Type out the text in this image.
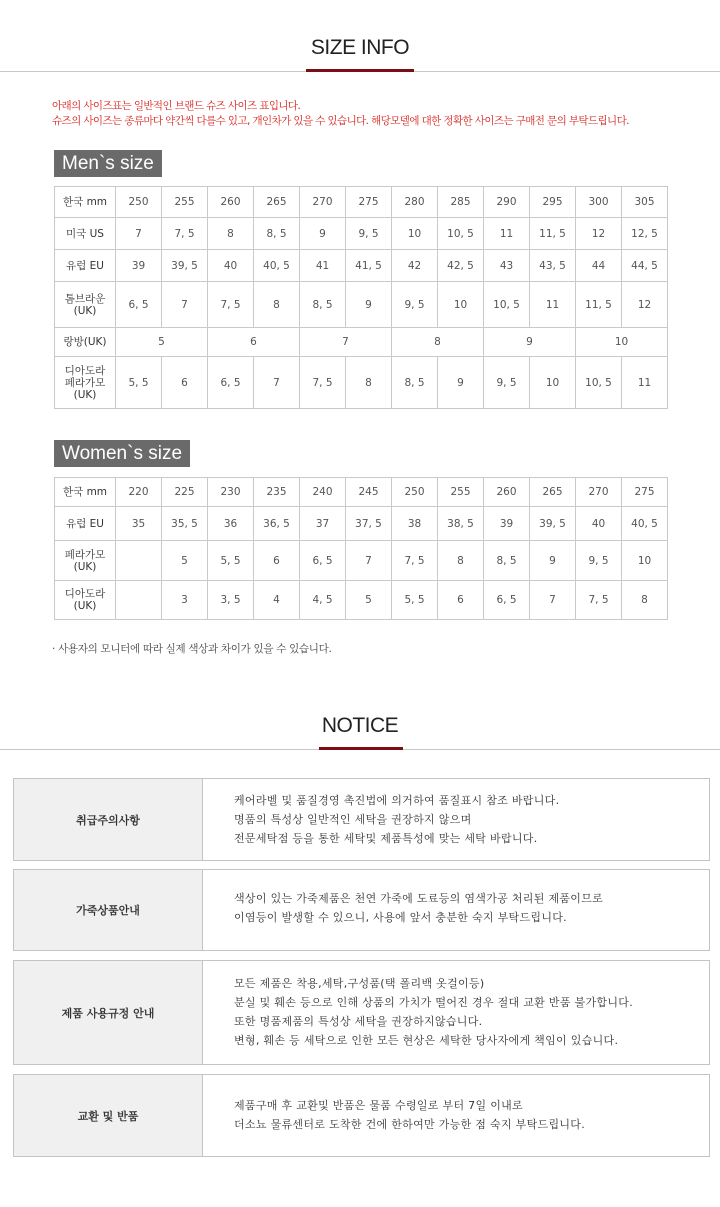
SIZE INFO
아래의 사이즈표는 일반적인 브랜드 슈즈 사이즈 표입니다.
슈즈의 사이즈는 종류마다 약간씩 다를수 있고, 개인차가 있을 수 있습니다. 해당모델에 대한 정확한 사이즈는 구매전 문의 부탁드립니다.
Men`s size
한국 mm	250	255	260	265	270	275	280	285	290	295	300	305
미국 US	7	7, 5	8	8, 5	9	9, 5	10	10, 5	11	11, 5	12	12, 5
유럽 EU	39	39, 5	40	40, 5	41	41, 5	42	42, 5	43	43, 5	44	44, 5
톰브라운
(UK)	6, 5	7	7, 5	8	8, 5	9	9, 5	10	10, 5	11	11, 5	12
랑방(UK)	5		6		7		8		9		10	
디아도라
페라가모
(UK)	5, 5	6	6, 5	7	7, 5	8	8, 5	9	9, 5	10	10, 5	11
Women`s size
한국 mm	220	225	230	235	240	245	250	255	260	265	270	275
유럽 EU	35	35, 5	36	36, 5	37	37, 5	38	38, 5	39	39, 5	40	40, 5
페라가모
(UK)		5	5, 5	6	6, 5	7	7, 5	8	8, 5	9	9, 5	10
디아도라
(UK)		3	3, 5	4	4, 5	5	5, 5	6	6, 5	7	7, 5	8
· 사용자의 모니터에 따라 실제 색상과 차이가 있을 수 있습니다.
NOTICE
취급주의사항
케어라벨 및 품질경영 촉진법에 의거하여 품질표시 참조 바랍니다.
명품의 특성상 일반적인 세탁을 권장하지 않으며
전문세탁점 등을 통한 세탁및 제품특성에 맞는 세탁 바랍니다.
가죽상품안내
색상이 있는 가죽제품은 천연 가죽에 도료등의 염색가공 처리된 제품이므로
이염등이 발생할 수 있으니, 사용에 앞서 충분한 숙지 부탁드립니다.
제품 사용규정 안내
모든 제품은 착용,세탁,구성품(택 폴리백 옷걸이등)
분실 및 훼손 등으로 인해 상품의 가치가 떨어진 경우 절대 교환 반품 불가합니다.
또한 명품제품의 특성상 세탁을 권장하지않습니다.
변형, 훼손 등 세탁으로 인한 모든 현상은 세탁한 당사자에게 책임이 있습니다.
교환 및 반품
제품구매 후 교환및 반품은 물품 수령일로 부터 7일 이내로
더소뇨 물류센터로 도착한 건에 한하여만 가능한 점 숙지 부탁드립니다.
